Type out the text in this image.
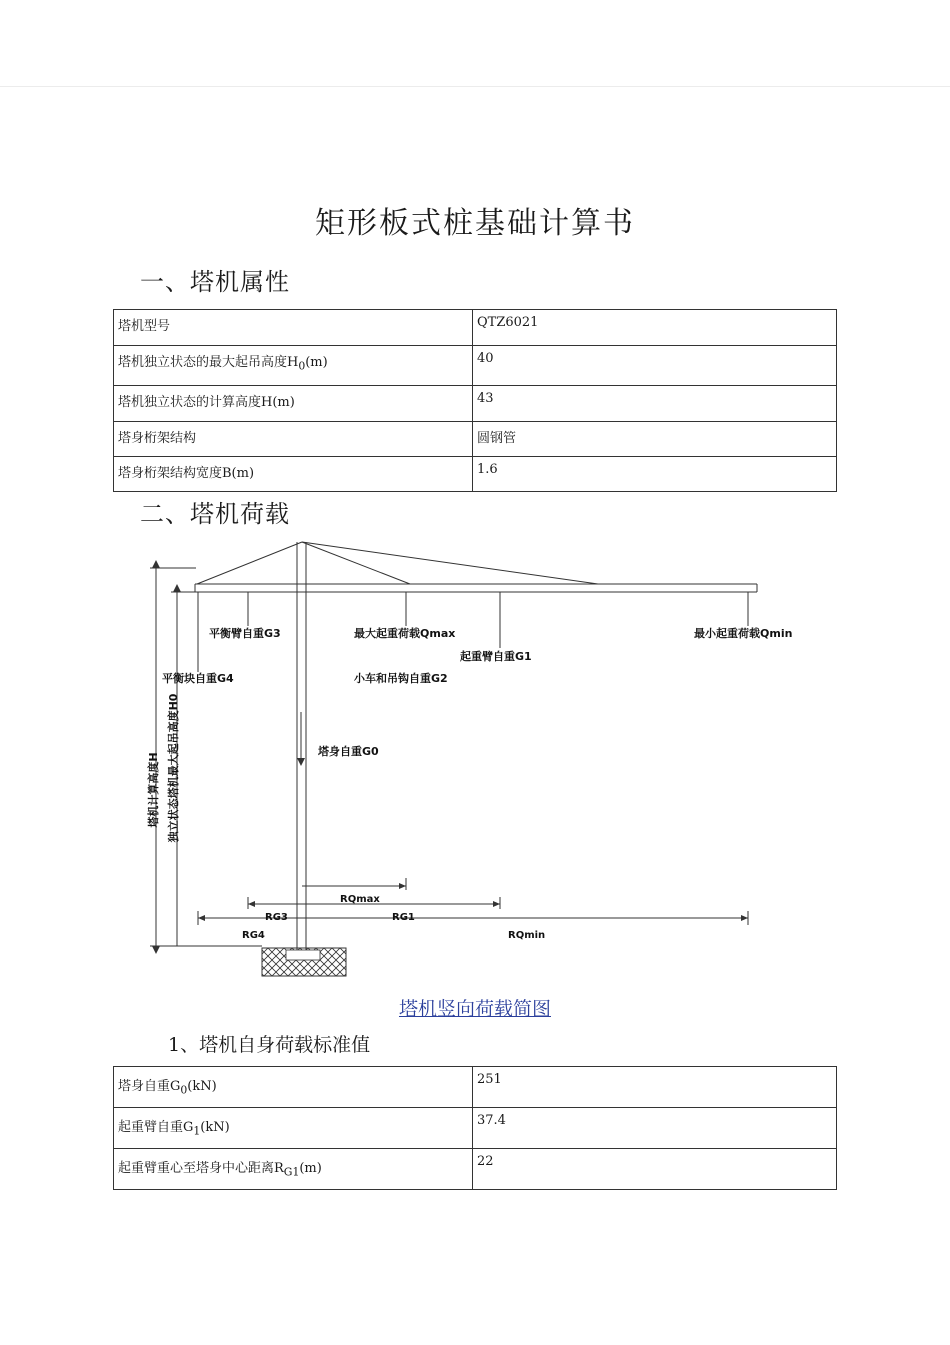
矩形板式桩基础计算书
一、塔机属性
塔机型号	QTZ6021
塔机独立状态的最大起吊高度$H_0(m)$	40
塔机独立状态的计算高度H(m)	43
塔身桁架结构	圆钢管
塔身桁架结构宽度B(m)	1.6
二、塔机荷载
平衡臂自重G3	最大起重荷载Qmax	最小起重荷载Qmin
起重臂自重G1
平衡块自重G4	小车和吊钩自重G2
塔身自重G0
塔机计算高度H 独立状态塔机最大起吊高度H0
RQmax
RG3	RG1
RG4	RQmin
塔机竖向荷载简图
1、塔机自身荷载标准值
塔身自重$G_0(kN)$	251
起重臂自重$G_1(kN)$	37.4
起重臂重心至塔身中心距离$R_{G1}(m)$	22
